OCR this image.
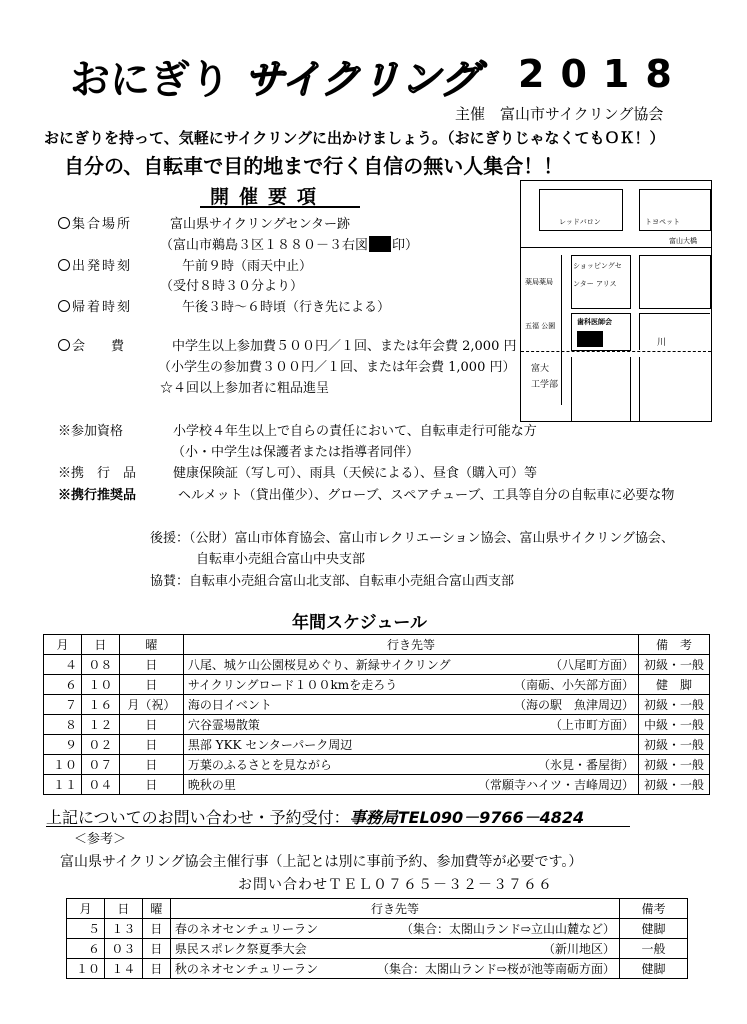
おにぎり サイクリング 2018
主催　富山市サイクリング協会
おにぎりを持って、気軽にサイクリングに出かけましょう。（おにぎりじゃなくてもＯＫ！）
自分の、自転車で目的地まで行く自信の無い人集合！！
開催要項
集合場所	富山県サイクリングセンター跡
（富山市鵜島３区１８８０－３右図 印）
出発時刻	午前９時（雨天中止）
（受付８時３０分より）
帰着時刻	午後３時～６時頃（行き先による）
会　　費	中学生以上参加費５００円／１回、または年会費 2,000 円
（小学生の参加費３００円／１回、または年会費 1,000 円）
☆４回以上参加者に粗品進呈
※参加資格	小学校４年生以上で自らの責任において、自転車走行可能な方
（小・中学生は保護者または指導者同伴）
※携　行　品	健康保険証（写し可）、雨具（天候による）、昼食（購入可）等
※携行推奨品	ヘルメット（貸出僅少）、グローブ、スペアチューブ、工具等自分の自転車に必要な物
レッドバロン	トヨペット
富山大橋
薬局薬局
五福 公園
ショッピングセ
ンター アリス
歯科医師会
川
富大
工学部
後援：（公財）富山市体育協会、富山市レクリエーション協会、富山県サイクリング協会、
自転車小売組合富山中央支部
協賛：自転車小売組合富山北支部、自転車小売組合富山西支部
年間スケジュール
月	日	曜	行き先等	備　考
４	０８	日	八尾、城ケ山公園桜見めぐり、新緑サイクリング （八尾町方面）	初級・一般
６	１０	日	サイクリングロード１００kmを走ろう （南砺、小矢部方面）	健　脚
７	１６	月（祝）	海の日イベント （海の駅　魚津周辺）	初級・一般
８	１２	日	穴谷霊場散策 （上市町方面）	中級・一般
９	０２	日	黒部 YKK センターパーク周辺	初級・一般
１０	０７	日	万葉のふるさとを見ながら （氷見・番屋街）	初級・一般
１１	０４	日	晩秋の里 （常願寺ハイツ・吉峰周辺）	初級・一般
上記についてのお問い合わせ・予約受付：事務局TEL090－9766－4824
＜参考＞
富山県サイクリング協会主催行事（上記とは別に事前予約、参加費等が必要です。）
お問い合わせＴＥＬ０７６５－３２－３７６６
月	日	曜	行き先等	備考
５	１３	日	春のネオセンチュリーラン （集合：太閤山ランド⇨立山山麓など）	健脚
６	０３	日	県民スポレク祭夏季大会 （新川地区）	一般
１０	１４	日	秋のネオセンチュリーラン （集合：太閤山ランド⇨桜が池等南砺方面）	健脚
